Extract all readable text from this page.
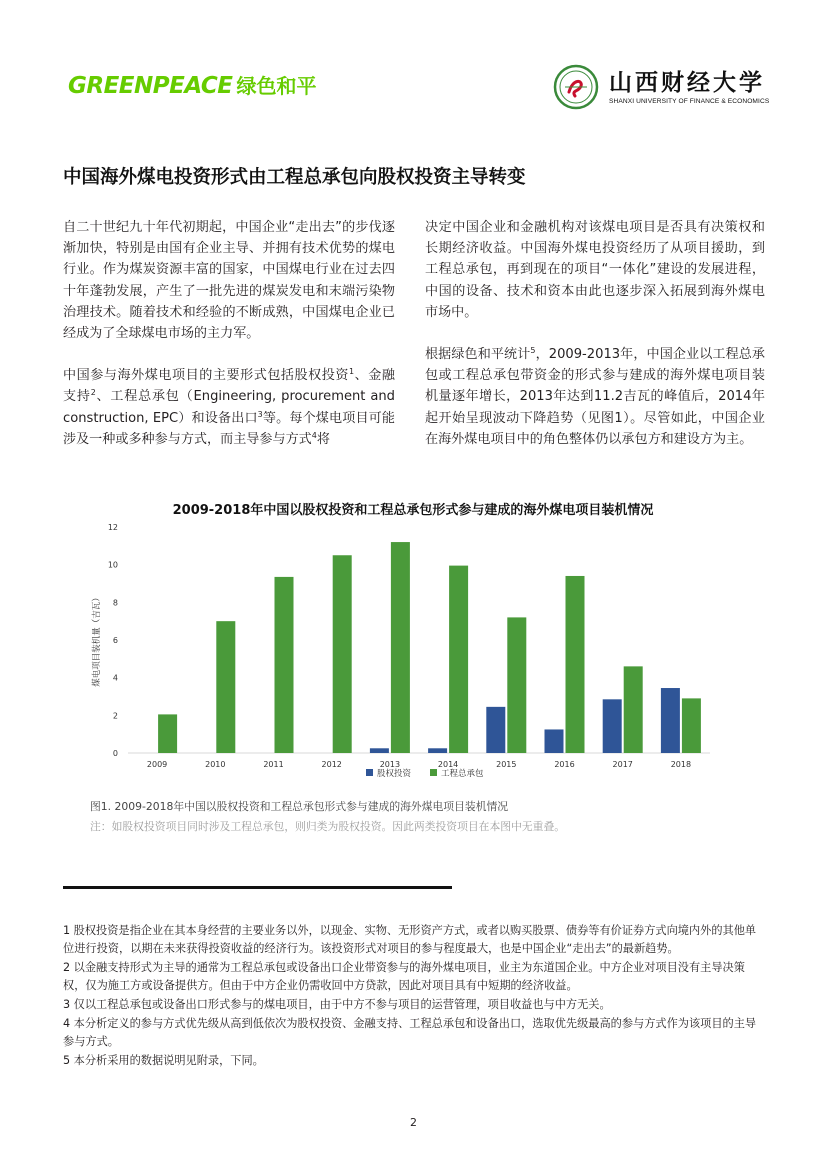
GREENPEACE 绿色和平	山西财经大学
SHANXI UNIVERSITY OF FINANCE & ECONOMICS
中国海外煤电投资形式由工程总承包向股权投资主导转变

自二十世纪九十年代初期起，中国企业“走出去”的步伐逐渐加快，特别是由国有企业主导、并拥有技术优势的煤电行业。作为煤炭资源丰富的国家，中国煤电行业在过去四十年蓬勃发展，产生了一批先进的煤炭发电和末端污染物治理技术。随着技术和经验的不断成熟，中国煤电企业已经成为了全球煤电市场的主力军。

中国参与海外煤电项目的主要形式包括股权投资$^1$、金融支持$^2$、工程总承包（Engineering, procurement and construction, EPC）和设备出口$^3$等。每个煤电项目可能涉及一种或多种参与方式，而主导参与方式$^4$将

决定中国企业和金融机构对该煤电项目是否具有决策权和长期经济收益。中国海外煤电投资经历了从项目援助，到工程总承包，再到现在的项目“一体化”建设的发展进程，中国的设备、技术和资本由此也逐步深入拓展到海外煤电市场中。

根据绿色和平统计$^5$，2009-2013年，中国企业以工程总承包或工程总承包带资金的形式参与建成的海外煤电项目装机量逐年增长，2013年达到11.2吉瓦的峰值后，2014年起开始呈现波动下降趋势（见图1）。尽管如此，中国企业在海外煤电项目中的角色整体仍以承包方和建设方为主。

2009-2018年中国以股权投资和工程总承包形式参与建成的海外煤电项目装机情况
0
2
4
6
8
10
12
煤电项目装机量（吉瓦）
2009	2010	2011	2012	2013	2014	2015	2016	2017	2018
股权投资	工程总承包
图1. 2009-2018年中国以股权投资和工程总承包形式参与建成的海外煤电项目装机情况
注：如股权投资项目同时涉及工程总承包，则归类为股权投资。因此两类投资项目在本图中无重叠。
1 股权投资是指企业在其本身经营的主要业务以外，以现金、实物、无形资产方式，或者以购买股票、债券等有价证券方式向境内外的其他单位进行投资，以期在未来获得投资收益的经济行为。该投资形式对项目的参与程度最大，也是中国企业“走出去”的最新趋势。
2 以金融支持形式为主导的通常为工程总承包或设备出口企业带资参与的海外煤电项目，业主为东道国企业。中方企业对项目没有主导决策权，仅为施工方或设备提供方。但由于中方企业仍需收回中方贷款，因此对项目具有中短期的经济收益。
3 仅以工程总承包或设备出口形式参与的煤电项目，由于中方不参与项目的运营管理，项目收益也与中方无关。
4 本分析定义的参与方式优先级从高到低依次为股权投资、金融支持、工程总承包和设备出口，选取优先级最高的参与方式作为该项目的主导参与方式。
5 本分析采用的数据说明见附录，下同。
2
